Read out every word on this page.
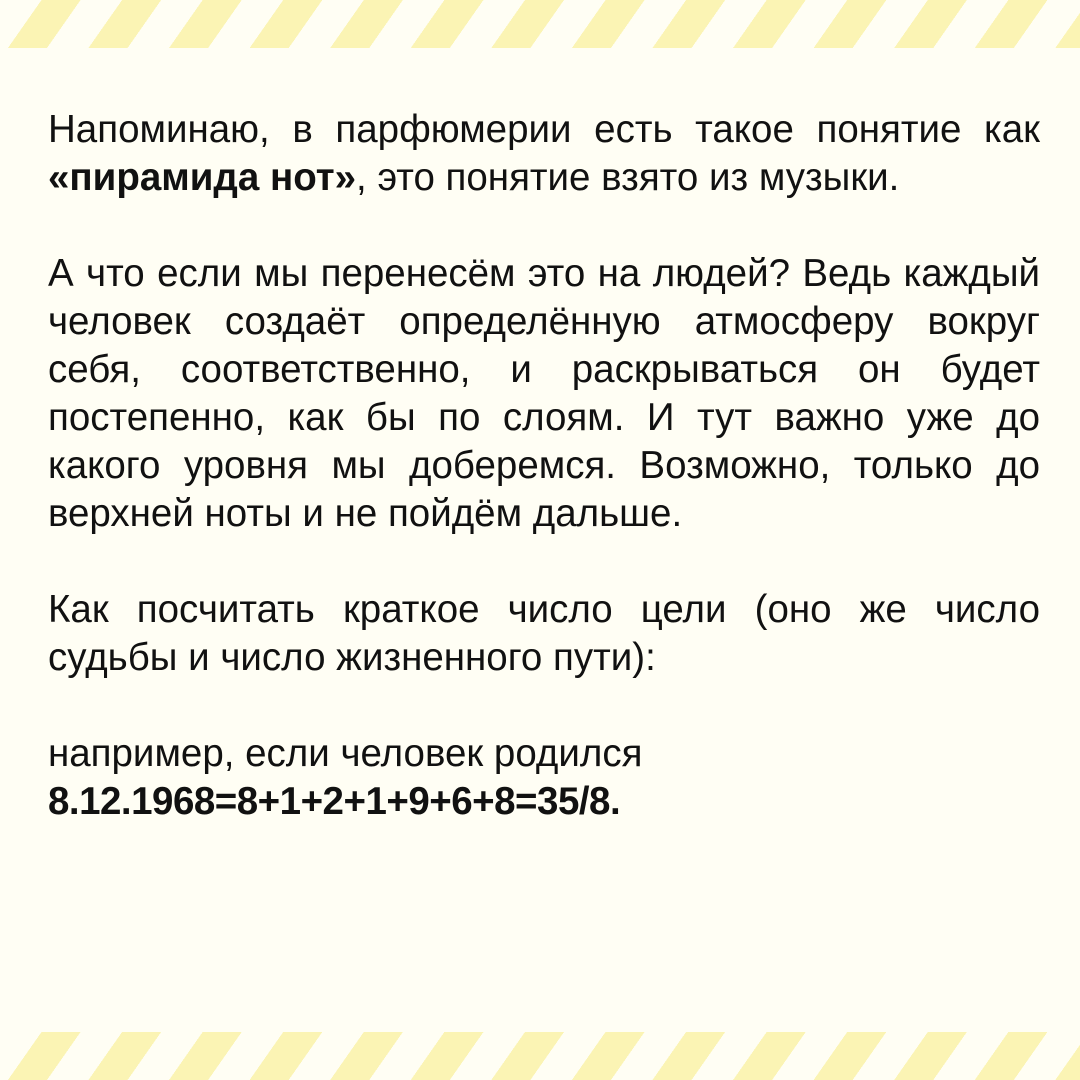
Напоминаю, в парфюмерии есть такое понятие как «пирамида нот», это понятие взято из музыки.

А что если мы перенесём это на людей? Ведь каждый человек создаёт определённую атмосферу вокруг себя, соответственно, и раскрываться он будет постепенно, как бы по слоям. И тут важно уже до какого уровня мы доберемся. Возможно, только до верхней ноты и не пойдём дальше.

Как посчитать краткое число цели (оно же число судьбы и число жизненного пути):

например, если человек родился
8.12.1968=8+1+2+1+9+6+8=35/8.
